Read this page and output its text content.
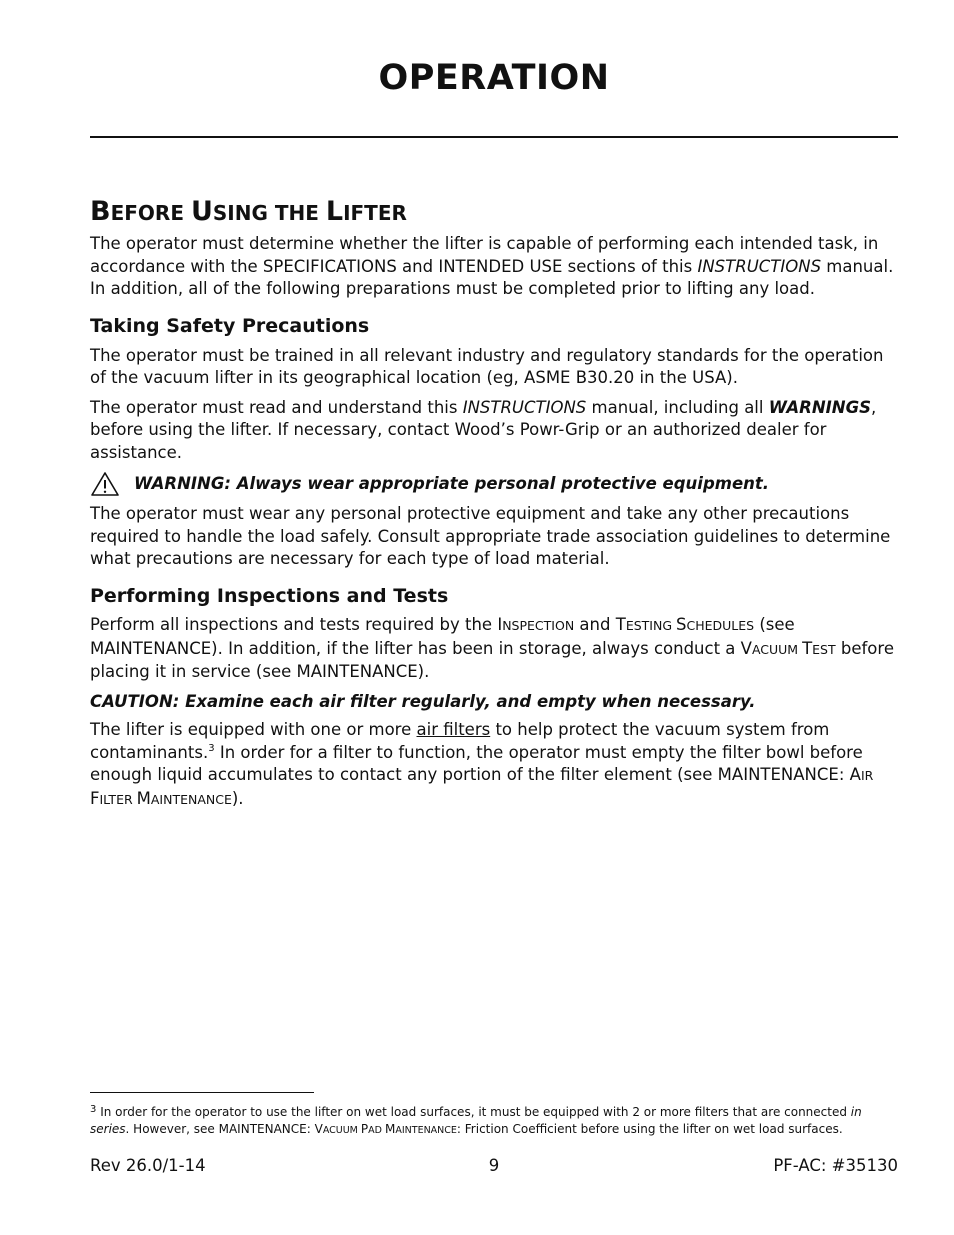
OPERATION
BEFORE USING THE LIFTER

The operator must determine whether the lifter is capable of performing each intended task, in accordance with the SPECIFICATIONS and INTENDED USE sections of this INSTRUCTIONS manual. In addition, all of the following preparations must be completed prior to lifting any load.

Taking Safety Precautions

The operator must be trained in all relevant industry and regulatory standards for the operation of the vacuum lifter in its geographical location (eg, ASME B30.20 in the USA).

The operator must read and understand this INSTRUCTIONS manual, including all WARNINGS, before using the lifter. If necessary, contact Wood’s Powr-Grip or an authorized dealer for assistance.

WARNING: Always wear appropriate personal protective equipment.

The operator must wear any personal protective equipment and take any other precautions required to handle the load safely. Consult appropriate trade association guidelines to determine what precautions are necessary for each type of load material.

Performing Inspections and Tests

Perform all inspections and tests required by the INSPECTION and TESTING SCHEDULES (see MAINTENANCE). In addition, if the lifter has been in storage, always conduct a VACUUM TEST before placing it in service (see MAINTENANCE).

CAUTION: Examine each air filter regularly, and empty when necessary.

The lifter is equipped with one or more air filters to help protect the vacuum system from contaminants.$^3$ In order for a filter to function, the operator must empty the filter bowl before enough liquid accumulates to contact any portion of the filter element (see MAINTENANCE: AIR FILTER MAINTENANCE).

$^3$ In order for the operator to use the lifter on wet load surfaces, it must be equipped with 2 or more filters that are connected in series. However, see MAINTENANCE: VACUUM PAD MAINTENANCE: Friction Coefficient before using the lifter on wet load surfaces.
Rev 26.0/1-14	9	PF-AC: #35130
